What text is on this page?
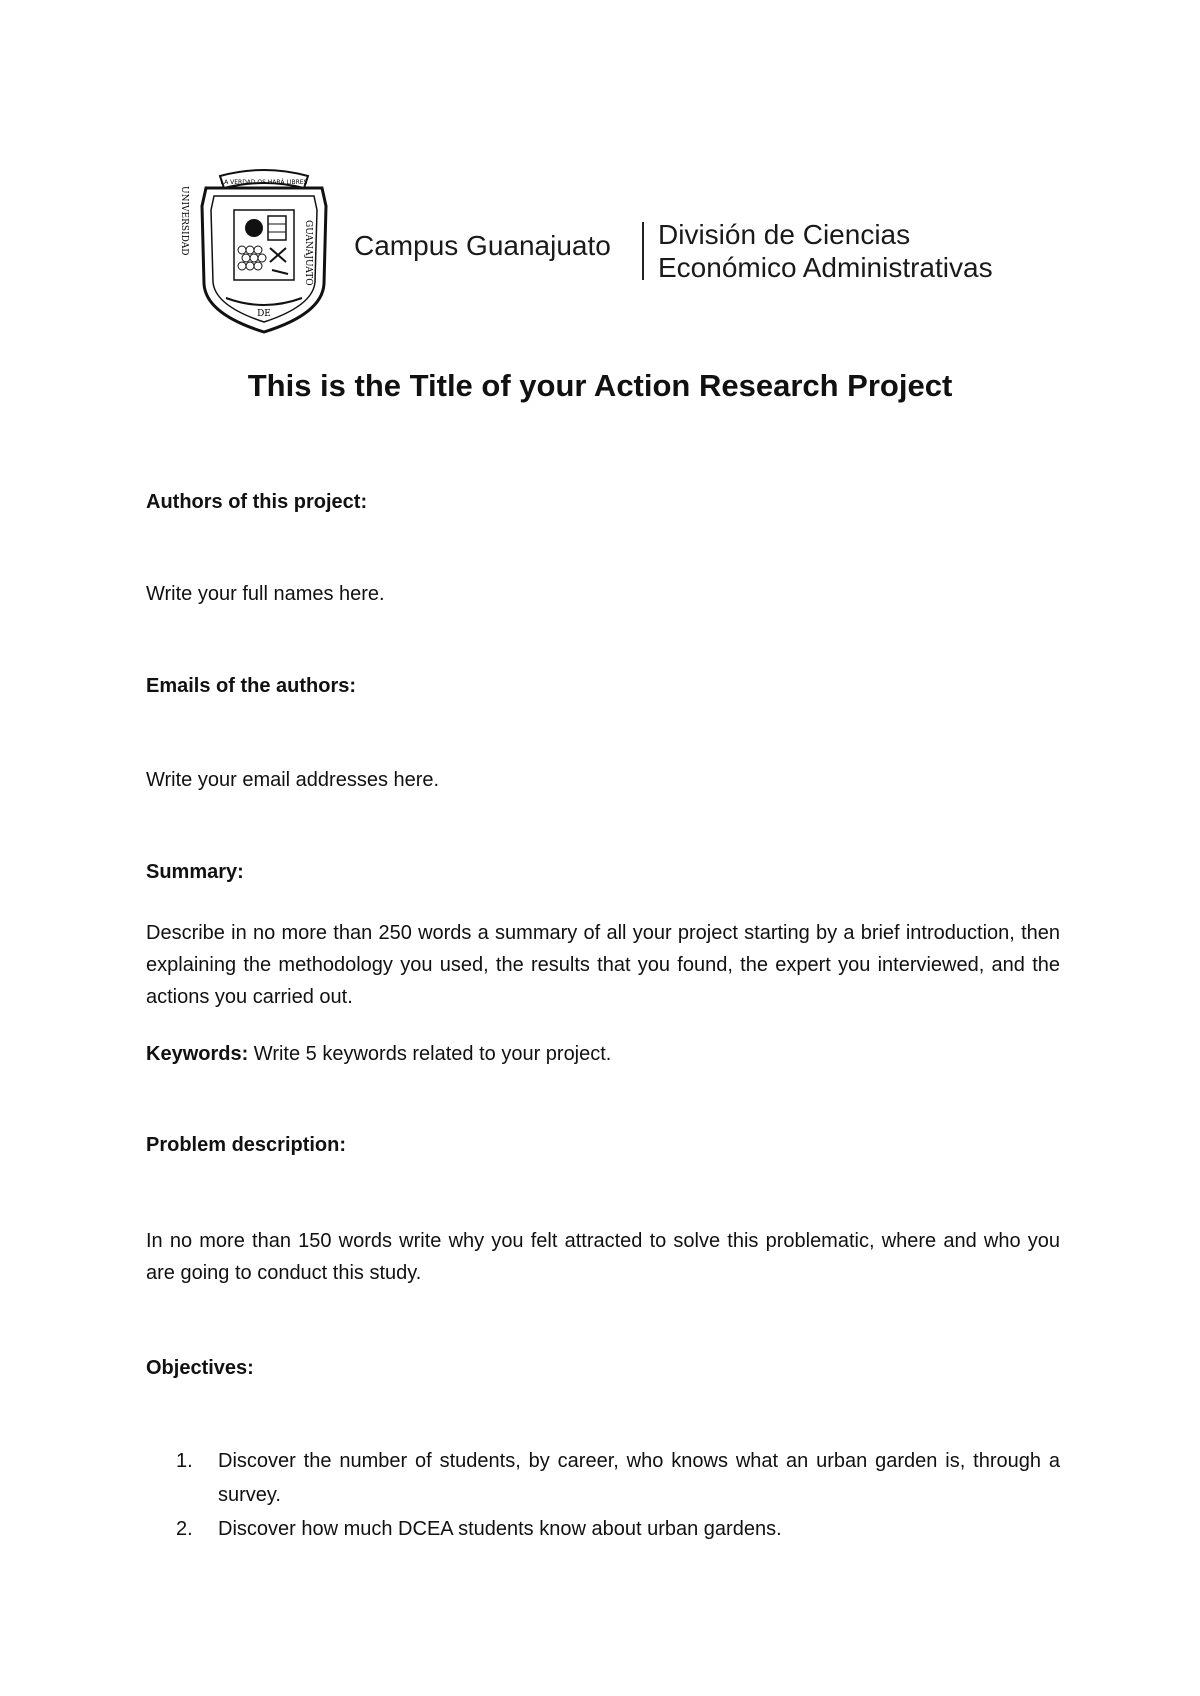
LA VERDAD OS HARÁ LIBRES
UNIVERSIDAD	GUANAJUATO
DE
Campus Guanajuato División de Ciencias
Económico Administrativas
This is the Title of your Action Research Project
Authors of this project:
Write your full names here.
Emails of the authors:
Write your email addresses here.
Summary:
Describe in no more than 250 words a summary of all your project starting by a brief introduction, then explaining the methodology you used, the results that you found, the expert you interviewed, and the actions you carried out.
Keywords: Write 5 keywords related to your project.
Problem description:
In no more than 150 words write why you felt attracted to solve this problematic, where and who you are going to conduct this study.
Objectives:
1. Discover the number of students, by career, who knows what an urban garden is, through a survey.
2. Discover how much DCEA students know about urban gardens.
